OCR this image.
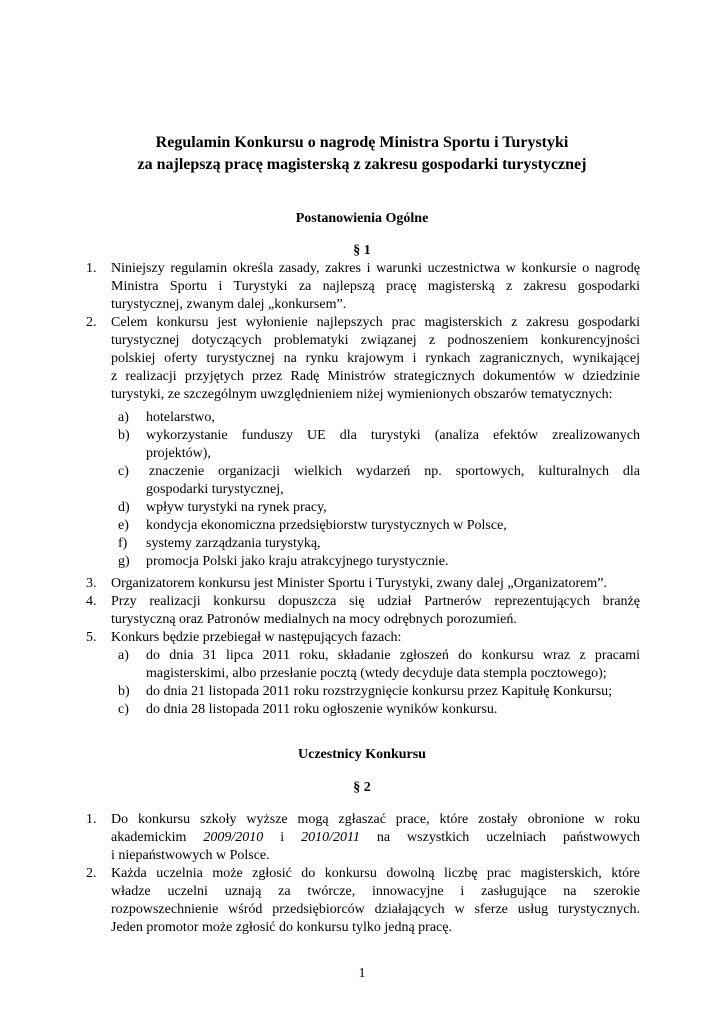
Regulamin Konkursu o nagrodę Ministra Sportu i Turystyki
za najlepszą pracę magisterską z zakresu gospodarki turystycznej
Postanowienia Ogólne
§ 1
1. Niniejszy regulamin określa zasady, zakres i warunki uczestnictwa w konkursie o nagrodę
Ministra Sportu i Turystyki za najlepszą pracę magisterską z zakresu gospodarki
turystycznej, zwanym dalej „konkursem”.
2. Celem konkursu jest wyłonienie najlepszych prac magisterskich z zakresu gospodarki
turystycznej dotyczących problematyki związanej z podnoszeniem konkurencyjności
polskiej oferty turystycznej na rynku krajowym i rynkach zagranicznych, wynikającej
z realizacji przyjętych przez Radę Ministrów strategicznych dokumentów w dziedzinie
turystyki, ze szczególnym uwzględnieniem niżej wymienionych obszarów tematycznych:
a) hotelarstwo,
b) wykorzystanie funduszy UE dla turystyki (analiza efektów zrealizowanych
projektów),
c) znaczenie organizacji wielkich wydarzeń np. sportowych, kulturalnych dla
gospodarki turystycznej,
d) wpływ turystyki na rynek pracy,
e) kondycja ekonomiczna przedsiębiorstw turystycznych w Polsce,
f) systemy zarządzania turystyką,
g) promocja Polski jako kraju atrakcyjnego turystycznie.
3. Organizatorem konkursu jest Minister Sportu i Turystyki, zwany dalej „Organizatorem”.
4. Przy realizacji konkursu dopuszcza się udział Partnerów reprezentujących branżę
turystyczną oraz Patronów medialnych na mocy odrębnych porozumień.
5. Konkurs będzie przebiegał w następujących fazach:
a) do dnia 31 lipca 2011 roku, składanie zgłoszeń do konkursu wraz z pracami
magisterskimi, albo przesłanie pocztą (wtedy decyduje data stempla pocztowego);
b) do dnia 21 listopada 2011 roku rozstrzygnięcie konkursu przez Kapitułę Konkursu;
c) do dnia 28 listopada 2011 roku ogłoszenie wyników konkursu.
Uczestnicy Konkursu
§ 2
1. Do konkursu szkoły wyższe mogą zgłaszać prace, które zostały obronione w roku
akademickim 2009/2010 i 2010/2011 na wszystkich uczelniach państwowych
i niepaństwowych w Polsce.
2. Każda uczelnia może zgłosić do konkursu dowolną liczbę prac magisterskich, które
władze uczelni uznają za twórcze, innowacyjne i zasługujące na szerokie
rozpowszechnienie wśród przedsiębiorców działających w sferze usług turystycznych.
Jeden promotor może zgłosić do konkursu tylko jedną pracę.
1
